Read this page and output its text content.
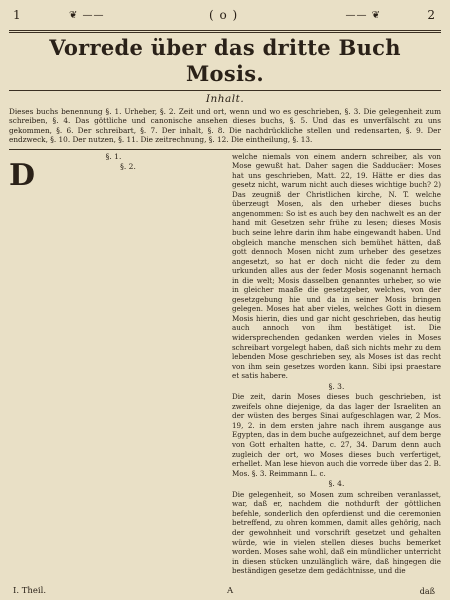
1	❦ ——	( o )	—— ❦	2
Vorrede über das dritte Buch Mosis.
Inhalt.
Dieses buchs benennung §. 1. Urheber, §. 2. Zeit und ort, wenn und wo es geschrieben, §. 3. Die gelegenheit zum schreiben, §. 4. Das göttliche und canonische ansehen dieses buchs, §. 5. Und das es unverfälscht zu uns gekommen, §. 6. Der schreibart, §. 7. Der inhalt, §. 8. Die nachdrückliche stellen und redensarten, §. 9. Der endzweck, §. 10. Der nutzen, §. 11. Die zeitrechnung, §. 12. Die eintheilung, §. 13.
§. 1.

D	§. 2.

welche niemals von einem andern schreiber, als von Mose gewußt hat. Daher sagen die Sadducäer: Moses hat uns geschrieben, Matt. 22, 19. Hätte er dies das gesetz nicht, warum nicht auch dieses wichtige buch? 2) Das zeugniß der Christlichen kirche, N. T. welche überzeugt Mosen, als den urheber dieses buchs angenommen: So ist es auch bey den nachwelt es an der hand mit Gesetzen sehr frühe zu lesen; dieses Mosis buch seine lehre darin ihm habe eingewandt haben. Und obgleich manche menschen sich bemühet hätten, daß gott dennoch Mosen nicht zum urheber des gesetzes angesetzt, so hat er doch nicht die feder zu dem urkunden alles aus der feder Mosis sogenannt hernach in die welt; Mosis dasselben genanntes urheber, so wie in gleicher maaße die gesetzgeber, welches, von der gesetzgebung hie und da in seiner Mosis bringen gelegen. Moses hat aber vieles, welches Gott in diesem Mosis hierin, dies und gar nicht geschrieben, das heutig auch annoch von ihm bestätiget ist. Die widersprechenden gedanken werden vieles in Moses schreibart vorgelegt haben, daß sich nichts mehr zu dem lebenden Mose geschrieben sey, als Moses ist das recht von ihm sein gesetzes worden kann. Sibi ipsi praestare et satis habere.

§. 3.

Die zeit, darin Moses dieses buch geschrieben, ist zweifels ohne diejenige, da das lager der Israeliten an der wüsten des berges Sinai aufgeschlagen war, 2 Mos. 19, 2. in dem ersten jahre nach ihrem ausgange aus Egypten, das in dem buche aufgezeichnet, auf dem berge von Gott erhalten hatte, c. 27, 34. Darum denn auch zugleich der ort, wo Moses dieses buch verfertiget, erhellet. Man lese hievon auch die vorrede über das 2. B. Mos. §. 3. Reimmann L. c.

§. 4.

Die gelegenheit, so Mosen zum schreiben veranlasset, war, daß er, nachdem die nothdurft der göttlichen befehle, sonderlich den opferdienst und die ceremonien betreffend, zu ohren kommen, damit alles gehörig, nach der gewohnheit und vorschrift gesetzet und gehalten würde, wie in vielen stellen dieses buchs bemerket worden. Moses sahe wohl, daß ein mündlicher unterricht in diesen stücken unzulänglich wäre, daß hingegen die beständigen gesetze dem gedächtnisse, und die

I. Theil.	A	daß
